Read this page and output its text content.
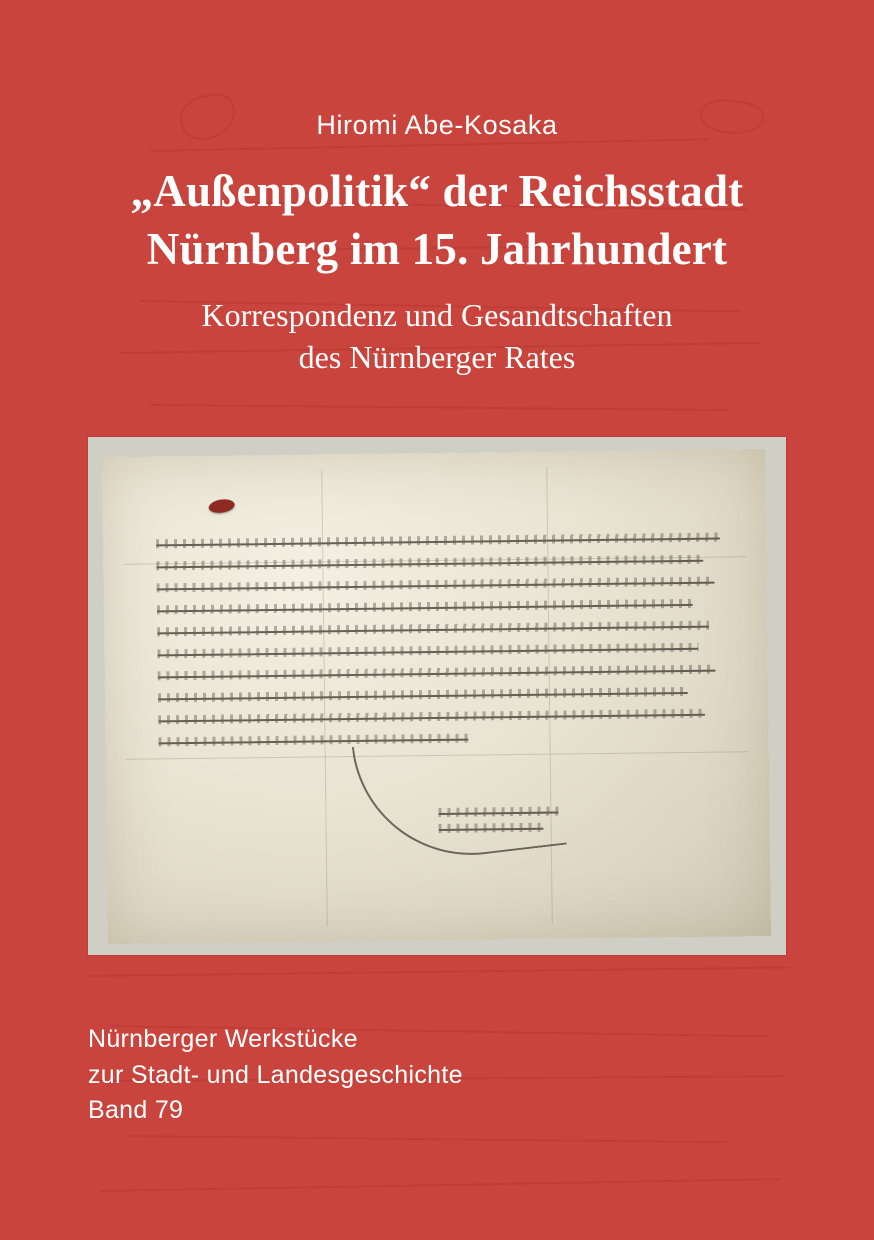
Hiromi Abe-Kosaka
„Außenpolitik“ der Reichsstadt
Nürnberg im 15. Jahrhundert
Korrespondenz und Gesandtschaften
des Nürnberger Rates
Nürnberger Werkstücke
zur Stadt- und Landesgeschichte
Band 79
